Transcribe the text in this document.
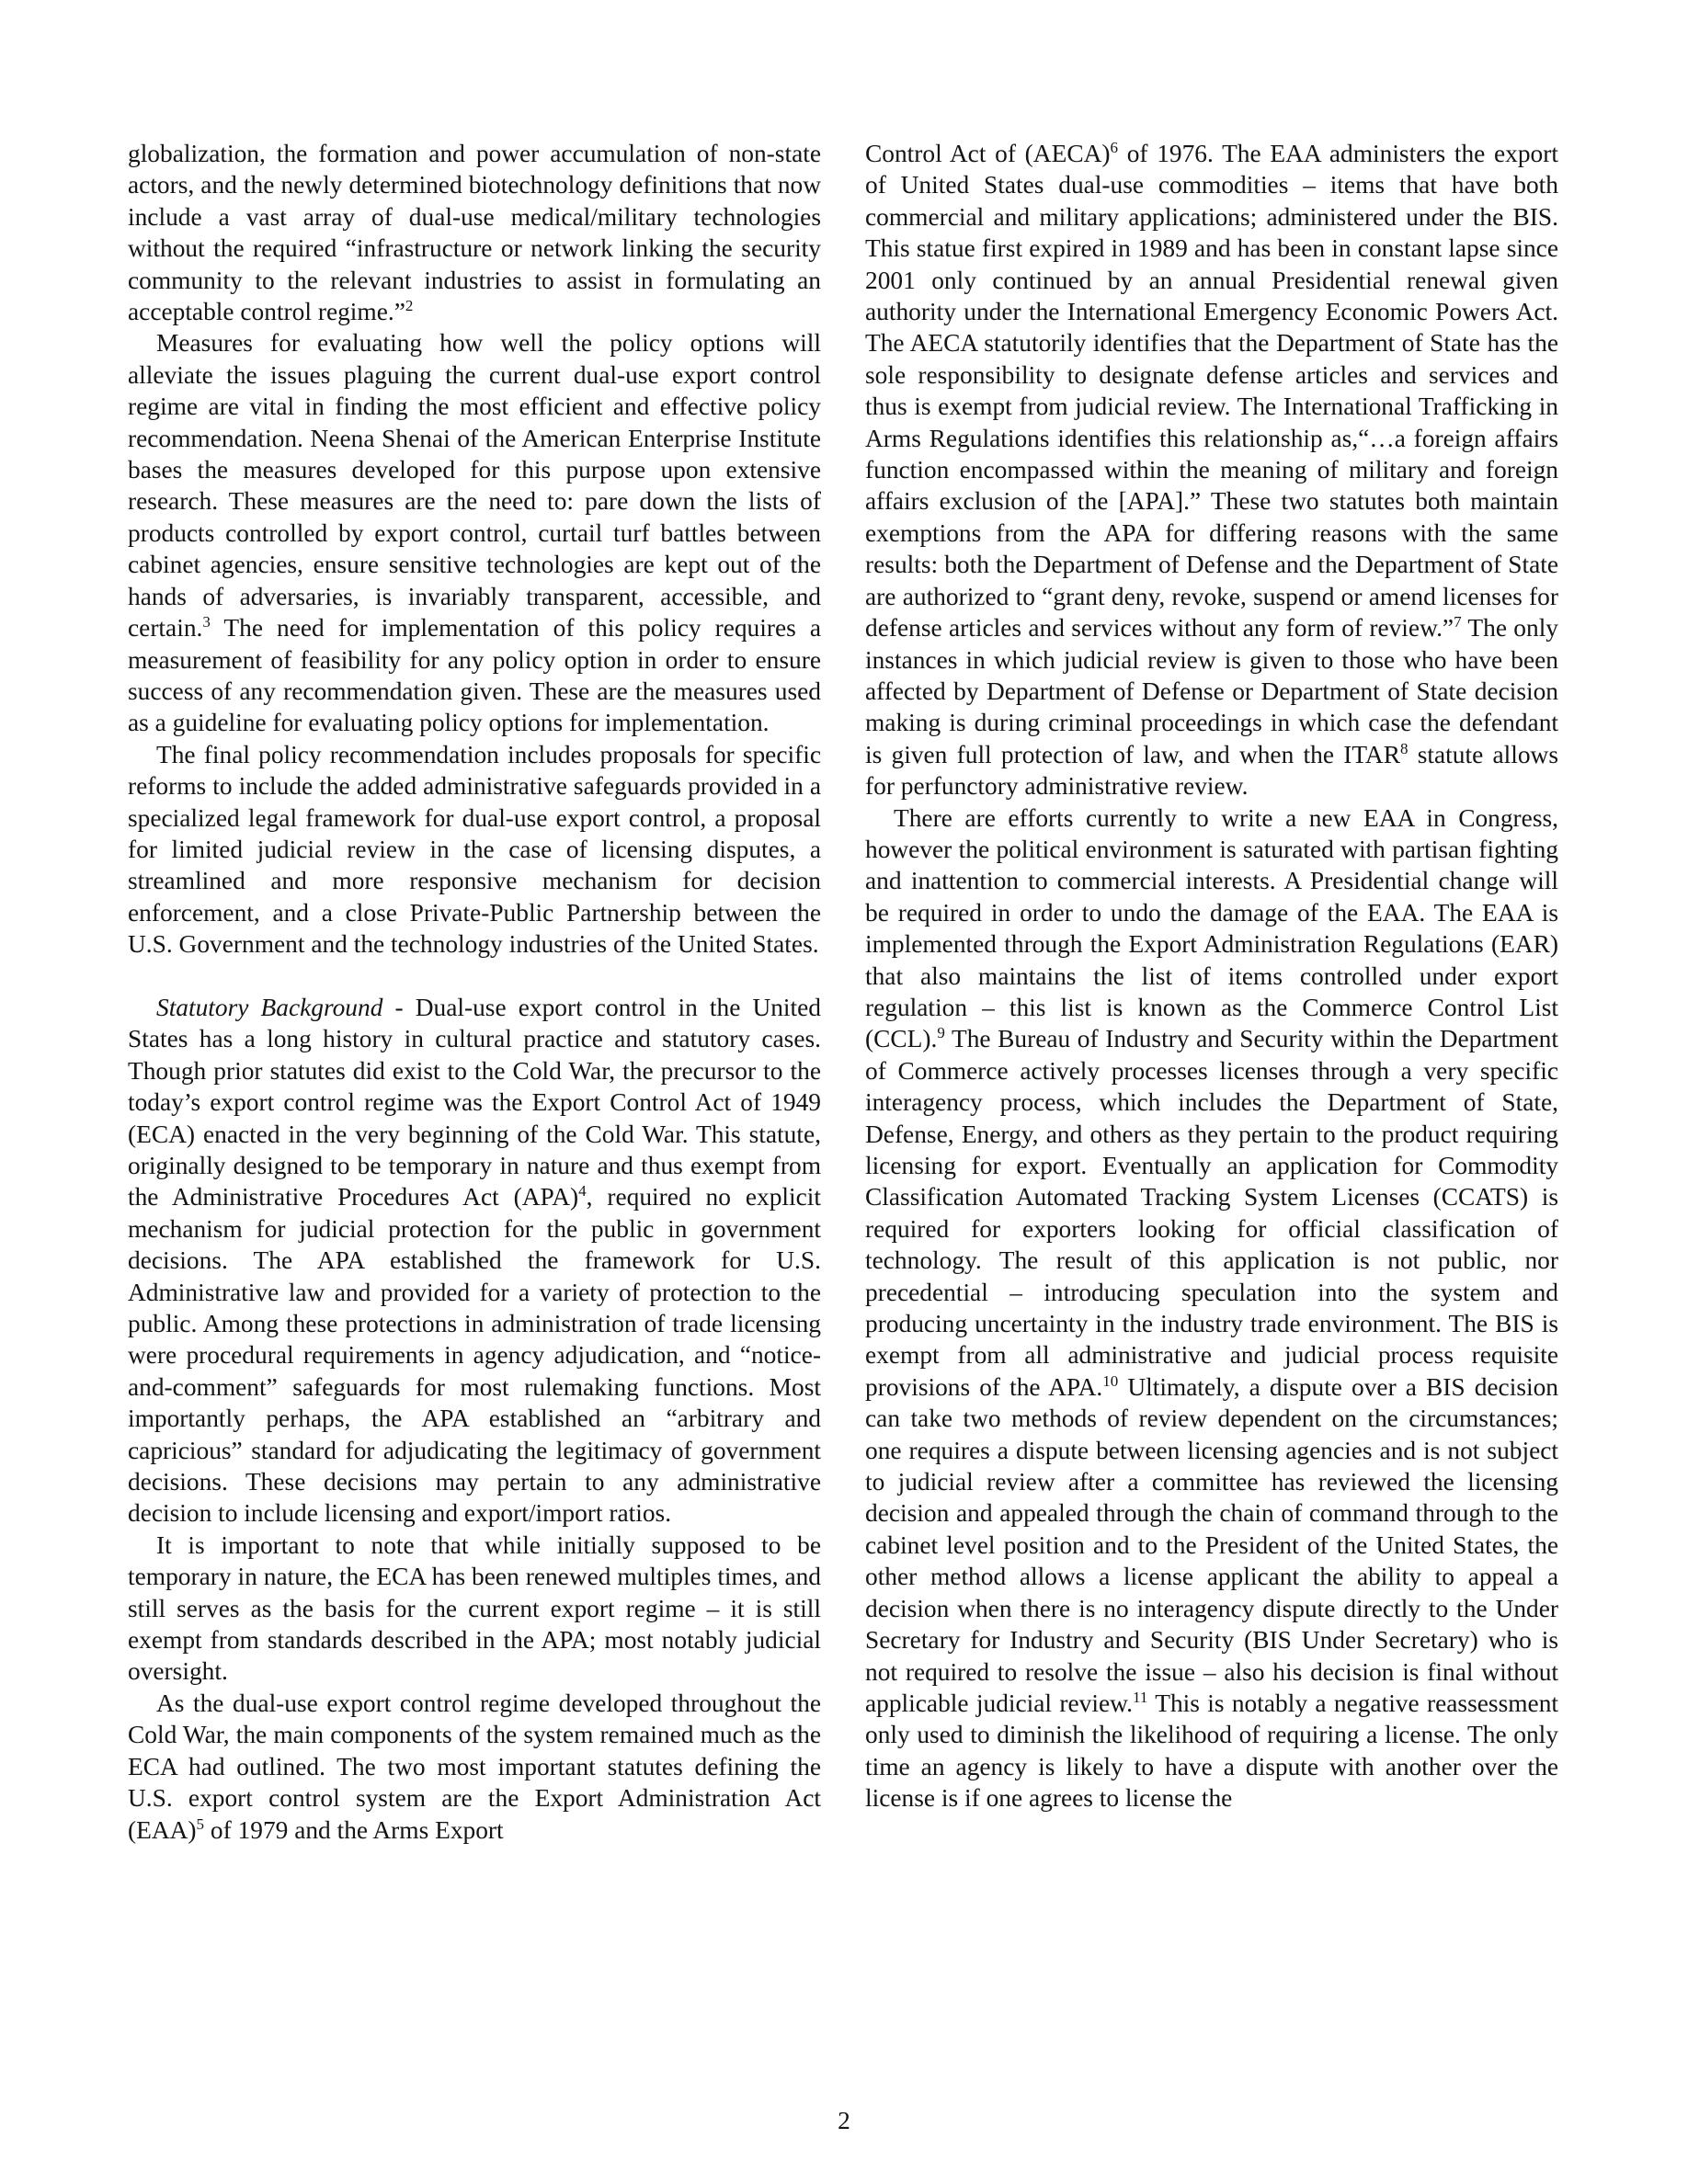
globalization, the formation and power accumulation of non-state actors, and the newly determined biotechnology definitions that now include a vast array of dual-use medical/military technologies without the required “infrastructure or network linking the security community to the relevant industries to assist in formulating an acceptable control regime.”$^2$

Measures for evaluating how well the policy options will alleviate the issues plaguing the current dual-use export control regime are vital in finding the most efficient and effective policy recommendation. Neena Shenai of the American Enterprise Institute bases the measures developed for this purpose upon extensive research. These measures are the need to: pare down the lists of products controlled by export control, curtail turf battles between cabinet agencies, ensure sensitive technologies are kept out of the hands of adversaries, is invariably transparent, accessible, and certain.$^3$ The need for implementation of this policy requires a measurement of feasibility for any policy option in order to ensure success of any recommendation given. These are the measures used as a guideline for evaluating policy options for implementation.

The final policy recommendation includes proposals for specific reforms to include the added administrative safeguards provided in a specialized legal framework for dual-use export control, a proposal for limited judicial review in the case of licensing disputes, a streamlined and more responsive mechanism for decision enforcement, and a close Private-Public Partnership between the U.S. Government and the technology industries of the United States.

Statutory Background - Dual-use export control in the United States has a long history in cultural practice and statutory cases. Though prior statutes did exist to the Cold War, the precursor to the today’s export control regime was the Export Control Act of 1949 (ECA) enacted in the very beginning of the Cold War. This statute, originally designed to be temporary in nature and thus exempt from the Administrative Procedures Act (APA)$^4$, required no explicit mechanism for judicial protection for the public in government decisions. The APA established the framework for U.S. Administrative law and provided for a variety of protection to the public. Among these protections in administration of trade licensing were procedural requirements in agency adjudication, and “notice-and-comment” safeguards for most rulemaking functions. Most importantly perhaps, the APA established an “arbitrary and capricious” standard for adjudicating the legitimacy of government decisions. These decisions may pertain to any administrative decision to include licensing and export/import ratios.

It is important to note that while initially supposed to be temporary in nature, the ECA has been renewed multiples times, and still serves as the basis for the current export regime – it is still exempt from standards described in the APA; most notably judicial oversight.

As the dual-use export control regime developed throughout the Cold War, the main components of the system remained much as the ECA had outlined. The two most important statutes defining the U.S. export control system are the Export Administration Act (EAA)$^5$ of 1979 and the Arms Export

Control Act of (AECA)$^6$ of 1976. The EAA administers the export of United States dual-use commodities – items that have both commercial and military applications; administered under the BIS. This statue first expired in 1989 and has been in constant lapse since 2001 only continued by an annual Presidential renewal given authority under the International Emergency Economic Powers Act. The AECA statutorily identifies that the Department of State has the sole responsibility to designate defense articles and services and thus is exempt from judicial review. The International Trafficking in Arms Regulations identifies this relationship as,“…a foreign affairs function encompassed within the meaning of military and foreign affairs exclusion of the [APA].” These two statutes both maintain exemptions from the APA for differing reasons with the same results: both the Department of Defense and the Department of State are authorized to “grant deny, revoke, suspend or amend licenses for defense articles and services without any form of review.”$^7$ The only instances in which judicial review is given to those who have been affected by Department of Defense or Department of State decision making is during criminal proceedings in which case the defendant is given full protection of law, and when the ITAR$^8$ statute allows for perfunctory administrative review.

There are efforts currently to write a new EAA in Congress, however the political environment is saturated with partisan fighting and inattention to commercial interests. A Presidential change will be required in order to undo the damage of the EAA. The EAA is implemented through the Export Administration Regulations (EAR) that also maintains the list of items controlled under export regulation – this list is known as the Commerce Control List (CCL).$^9$ The Bureau of Industry and Security within the Department of Commerce actively processes licenses through a very specific interagency process, which includes the Department of State, Defense, Energy, and others as they pertain to the product requiring licensing for export. Eventually an application for Commodity Classification Automated Tracking System Licenses (CCATS) is required for exporters looking for official classification of technology. The result of this application is not public, nor precedential – introducing speculation into the system and producing uncertainty in the industry trade environment. The BIS is exempt from all administrative and judicial process requisite provisions of the APA.$^{10}$ Ultimately, a dispute over a BIS decision can take two methods of review dependent on the circumstances; one requires a dispute between licensing agencies and is not subject to judicial review after a committee has reviewed the licensing decision and appealed through the chain of command through to the cabinet level position and to the President of the United States, the other method allows a license applicant the ability to appeal a decision when there is no interagency dispute directly to the Under Secretary for Industry and Security (BIS Under Secretary) who is not required to resolve the issue – also his decision is final without applicable judicial review.$^{11}$ This is notably a negative reassessment only used to diminish the likelihood of requiring a license. The only time an agency is likely to have a dispute with another over the license is if one agrees to license the

2
